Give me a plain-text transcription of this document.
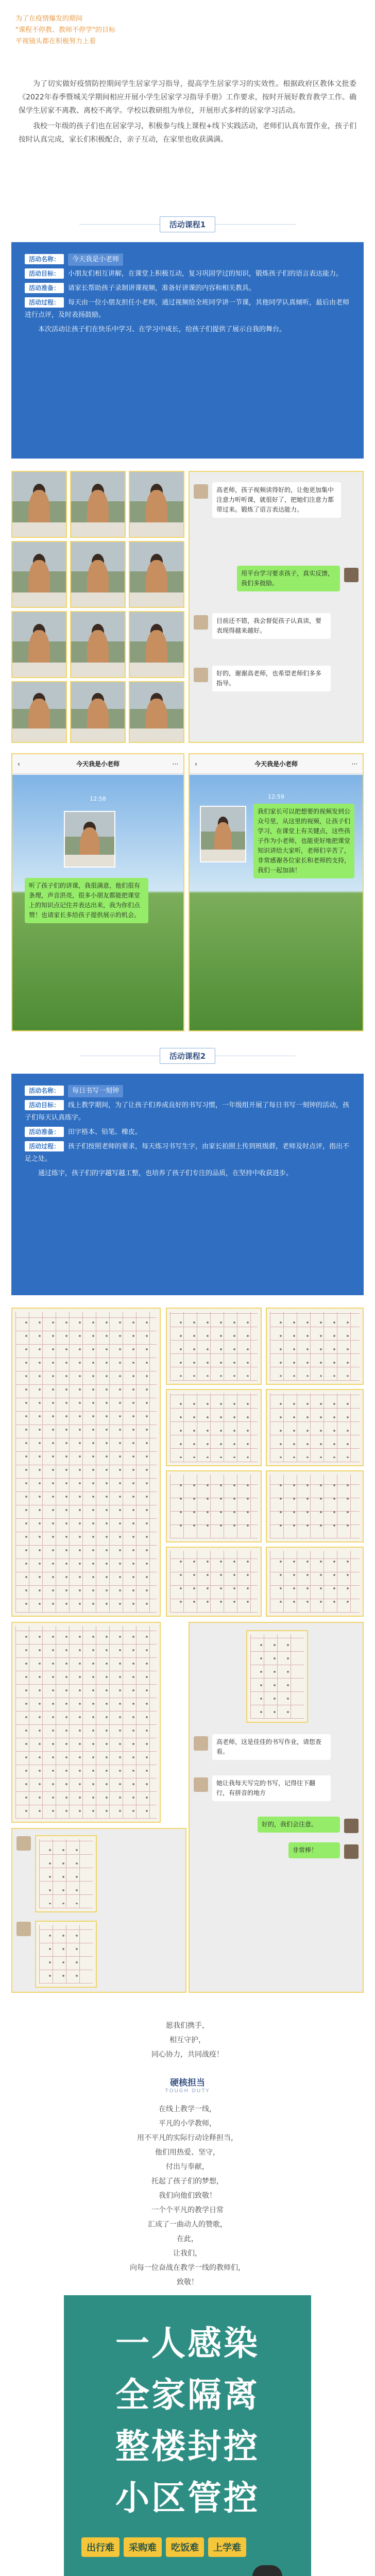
为了在疫情爆发的期间
"课程不停教、教师不停学"的目标
平视镜头都在积极努力上着

为了切实做好疫情防控期间学生居家学习指导，提高学生居家学习的实效性。根据政府区教体文批委《2022年春季暨城关学期间相应开展小学生居家学习指导手册》工作要求，按时开展好教育教学工作。确保学生居家不离教、离校不离学。学校以教研组为单位，开展形式多样的居家学习活动。

我校一年级的孩子们也在居家学习，积极参与线上课程+线下实践活动，老师们认真布置作业，孩子们按时认真完成，家长们积极配合，亲子互动，在家里也收获满满。

活动课程1
活动名称： 今天我是小老师
活动目标： 小朋友们相互讲解，在课堂上积极互动，复习巩固学过的知识，锻炼孩子们的语言表达能力。
活动准备： 请家长帮助孩子录制讲课视频，准备好讲课的内容和相关教具。
活动过程： 每天由一位小朋友担任小老师，通过视频给全班同学讲一节课，其他同学认真倾听，最后由老师进行点评，及时表扬鼓励。

本次活动让孩子们在快乐中学习、在学习中成长，给孩子们提供了展示自我的舞台。

高老师，孩子视频读得好的，让他更加集中注意力听听课，就很好了，把她们注意力都带过来。锻炼了语言表达能力。
用平台学习要求孩子，真实反馈，我们多鼓励。
目前还不错，我会督促孩子认真读，要表现得越来越好。
好的，谢谢高老师，也希望老师们多多指导。
‹	今天我是小老师	···
12:58
听了孩子们的讲课，我很满意，他们很有条理，声音洪亮，很多小朋友都能把课堂上的知识点记住并表达出来，我为你们点赞！也请家长多给孩子提供展示的机会。
‹	今天我是小老师	···
12:59
我们家长可以把想要的视频发到公众号里，从这里的视频，让孩子们学习，在课堂上有关键点，这些孩子作为小老师，也能更好地把课堂知识讲给大家听，老师们辛苦了，非常感谢各位家长和老师的支持，我们一起加油！
活动课程2
活动名称： 每日书写一刻钟
活动目标： 线上教学期间，为了让孩子们养成良好的书写习惯，一年级组开展了每日书写一刻钟的活动，孩子们每天认真练字。
活动准备： 田字格本、铅笔、橡皮。
活动过程： 孩子们按照老师的要求，每天练习书写生字，由家长拍照上传到班级群，老师及时点评，指出不足之处。

通过练字，孩子们的字越写越工整，也培养了孩子们专注的品质，在坚持中收获进步。

高老师，这是佳佳的书写作业，请您查看。
她让我每天写完的书写，记得往下翻行，有拼音的地方
好的，我们会注意。
非常棒！
愿我们携手，
相互守护，
同心协力，共同战疫！
硬核担当
TOUGH DUTY
在线上教学一线，
平凡的小学教师，
用不平凡的实际行动诠释担当，
他们用热爱、坚守，
付出与奉献，
托起了孩子们的梦想，
我们向他们致敬！
一个个平凡的教学日常
汇成了一曲动人的赞歌，
在此，
让我们，
向每一位奋战在教学一线的教师们，
致敬！
一人感染
全家隔离
整楼封控
小区管控
出行难	采购难	吃饭难	上学难
